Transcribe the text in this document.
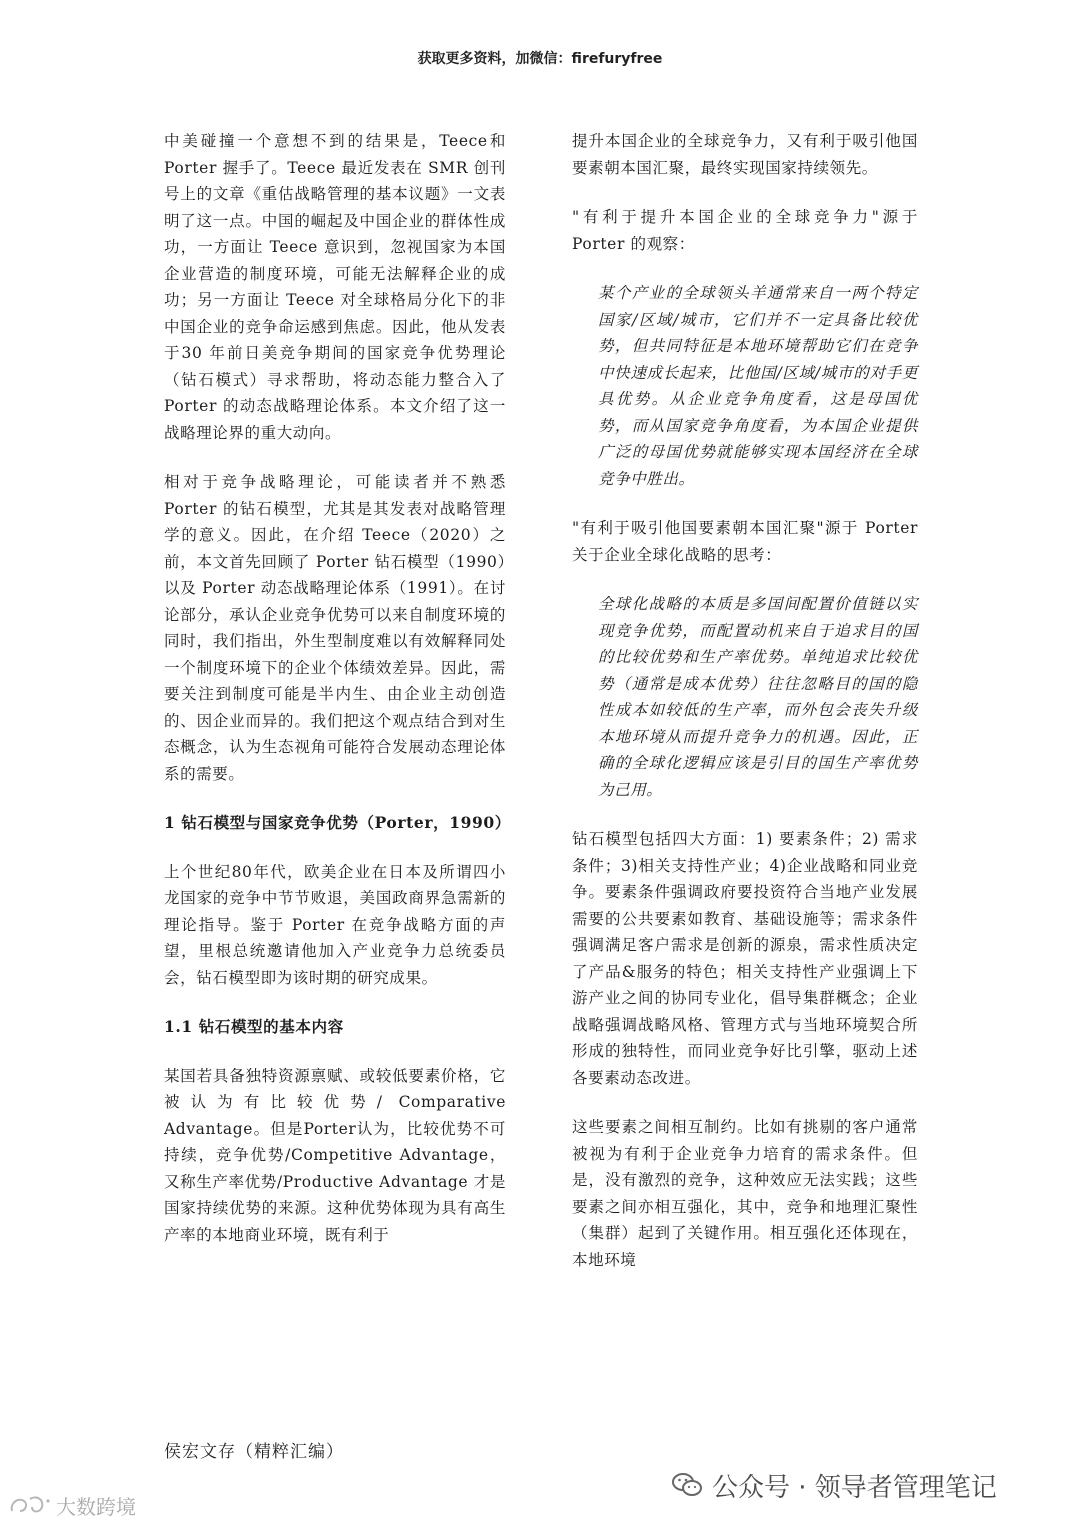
获取更多资料，加微信：firefuryfree

中美碰撞一个意想不到的结果是，Teece和 Porter 握手了。Teece 最近发表在 SMR 创刊号上的文章《重估战略管理的基本议题》一文表明了这一点。中国的崛起及中国企业的群体性成功，一方面让 Teece 意识到，忽视国家为本国企业营造的制度环境，可能无法解释企业的成功；另一方面让 Teece 对全球格局分化下的非中国企业的竞争命运感到焦虑。因此，他从发表于30 年前日美竞争期间的国家竞争优势理论（钻石模式）寻求帮助，将动态能力整合入了 Porter 的动态战略理论体系。本文介绍了这一战略理论界的重大动向。

相对于竞争战略理论，可能读者并不熟悉 Porter 的钻石模型，尤其是其发表对战略管理学的意义。因此，在介绍 Teece（2020）之前，本文首先回顾了 Porter 钻石模型（1990）以及 Porter 动态战略理论体系（1991）。在讨论部分，承认企业竞争优势可以来自制度环境的同时，我们指出，外生型制度难以有效解释同处一个制度环境下的企业个体绩效差异。因此，需要关注到制度可能是半内生、由企业主动创造的、因企业而异的。我们把这个观点结合到对生态概念，认为生态视角可能符合发展动态理论体系的需要。

1 钻石模型与国家竞争优势（Porter，1990）

上个世纪80年代，欧美企业在日本及所谓四小龙国家的竞争中节节败退，美国政商界急需新的理论指导。鉴于 Porter 在竞争战略方面的声望，里根总统邀请他加入产业竞争力总统委员会，钻石模型即为该时期的研究成果。

1.1 钻石模型的基本内容

某国若具备独特资源禀赋、或较低要素价格，它被认为有比较优势/ Comparative Advantage。但是Porter认为，比较优势不可持续，竞争优势/Competitive Advantage，又称生产率优势/Productive Advantage 才是国家持续优势的来源。这种优势体现为具有高生产率的本地商业环境，既有利于

提升本国企业的全球竞争力，又有利于吸引他国要素朝本国汇聚，最终实现国家持续领先。

"有利于提升本国企业的全球竞争力"源于 Porter 的观察：

某个产业的全球领头羊通常来自一两个特定国家/区域/城市，它们并不一定具备比较优势，但共同特征是本地环境帮助它们在竞争中快速成长起来，比他国/区域/城市的对手更具优势。从企业竞争角度看，这是母国优势，而从国家竞争角度看，为本国企业提供广泛的母国优势就能够实现本国经济在全球竞争中胜出。

"有利于吸引他国要素朝本国汇聚"源于 Porter 关于企业全球化战略的思考：

全球化战略的本质是多国间配置价值链以实现竞争优势，而配置动机来自于追求目的国的比较优势和生产率优势。单纯追求比较优势（通常是成本优势）往往忽略目的国的隐性成本如较低的生产率，而外包会丧失升级本地环境从而提升竞争力的机遇。因此，正确的全球化逻辑应该是引目的国生产率优势为己用。

钻石模型包括四大方面：1) 要素条件；2) 需求条件；3)相关支持性产业；4)企业战略和同业竞争。要素条件强调政府要投资符合当地产业发展需要的公共要素如教育、基础设施等；需求条件强调满足客户需求是创新的源泉，需求性质决定了产品&服务的特色；相关支持性产业强调上下游产业之间的协同专业化，倡导集群概念；企业战略强调战略风格、管理方式与当地环境契合所形成的独特性，而同业竞争好比引擎，驱动上述各要素动态改进。

这些要素之间相互制约。比如有挑剔的客户通常被视为有利于企业竞争力培育的需求条件。但是，没有激烈的竞争，这种效应无法实践；这些要素之间亦相互强化，其中，竞争和地理汇聚性（集群）起到了关键作用。相互强化还体现在，本地环境

侯宏文存（精粹汇编）
公众号 · 领导者管理笔记
大数跨境
